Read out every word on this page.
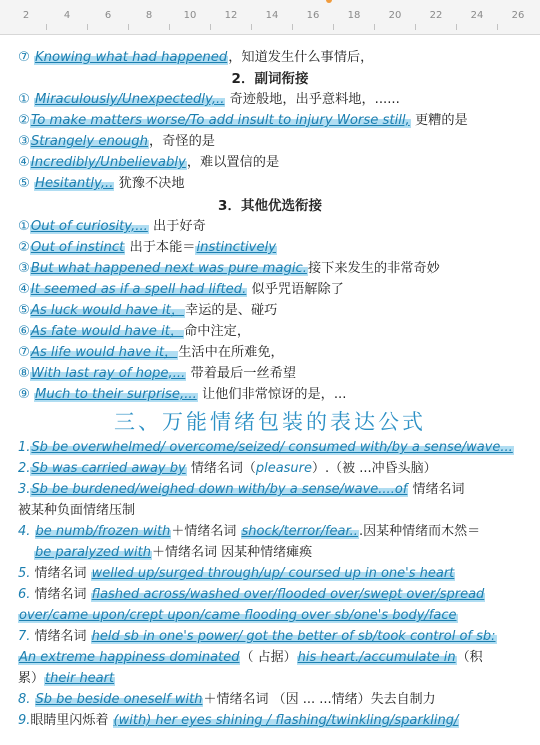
2	4	6	8	10	12	14	16	18	20	22	24	26
⑦ Knowing what had happened，知道发生什么事情后，
2．副词衔接
① Miraculously/Unexpectedly,.. 奇迹般地，出乎意料地，......
②To make matters worse/To add insult to injury Worse still, 更糟的是
③Strangely enough，奇怪的是
④Incredibly/Unbelievably，难以置信的是
⑤ Hesitantly,.. 犹豫不决地
3．其他优选衔接
①Out of curiosity,... 出于好奇
②Out of instinct 出于本能＝instinctively
③But what happened next was pure magic.接下来发生的非常奇妙
④It seemed as if a spell had lifted. 似乎咒语解除了
⑤As luck would have it，幸运的是、碰巧
⑥As fate would have it，命中注定，
⑦As life would have it，生活中在所难免，
⑧With last ray of hope,... 带着最后一丝希望
⑨ Much to their surprise,... 让他们非常惊讶的是，...
三、万能情绪包装的表达公式
1.Sb be overwhelmed/ overcome/seized/ consumed with/by a sense/wave...
2.Sb was carried away by 情绪名词（pleasure）.（被 ...冲昏头脑）
3.Sb be burdened/weighed down with/by a sense/wave....of 情绪名词
被某种负面情绪压制
4. be numb/frozen with＋情绪名词 shock/terror/fear...因某种情绪而木然＝
be paralyzed with＋情绪名词 因某种情绪瘫痪
5. 情绪名词 welled up/surged through/up/ coursed up in one's heart
6. 情绪名词 flashed across/washed over/flooded over/swept over/spread
over/came upon/crept upon/came flooding over sb/one's body/face
7. 情绪名词 held sb in one's power/ got the better of sb/took control of sb:
An extreme happiness dominated（ 占据）his heart./accumulate in（积
累）their heart
8. Sb be beside oneself with＋情绪名词 （因 ... ...情绪）失去自制力
9.眼睛里闪烁着 (with) her eyes shining / flashing/twinkling/sparkling/
